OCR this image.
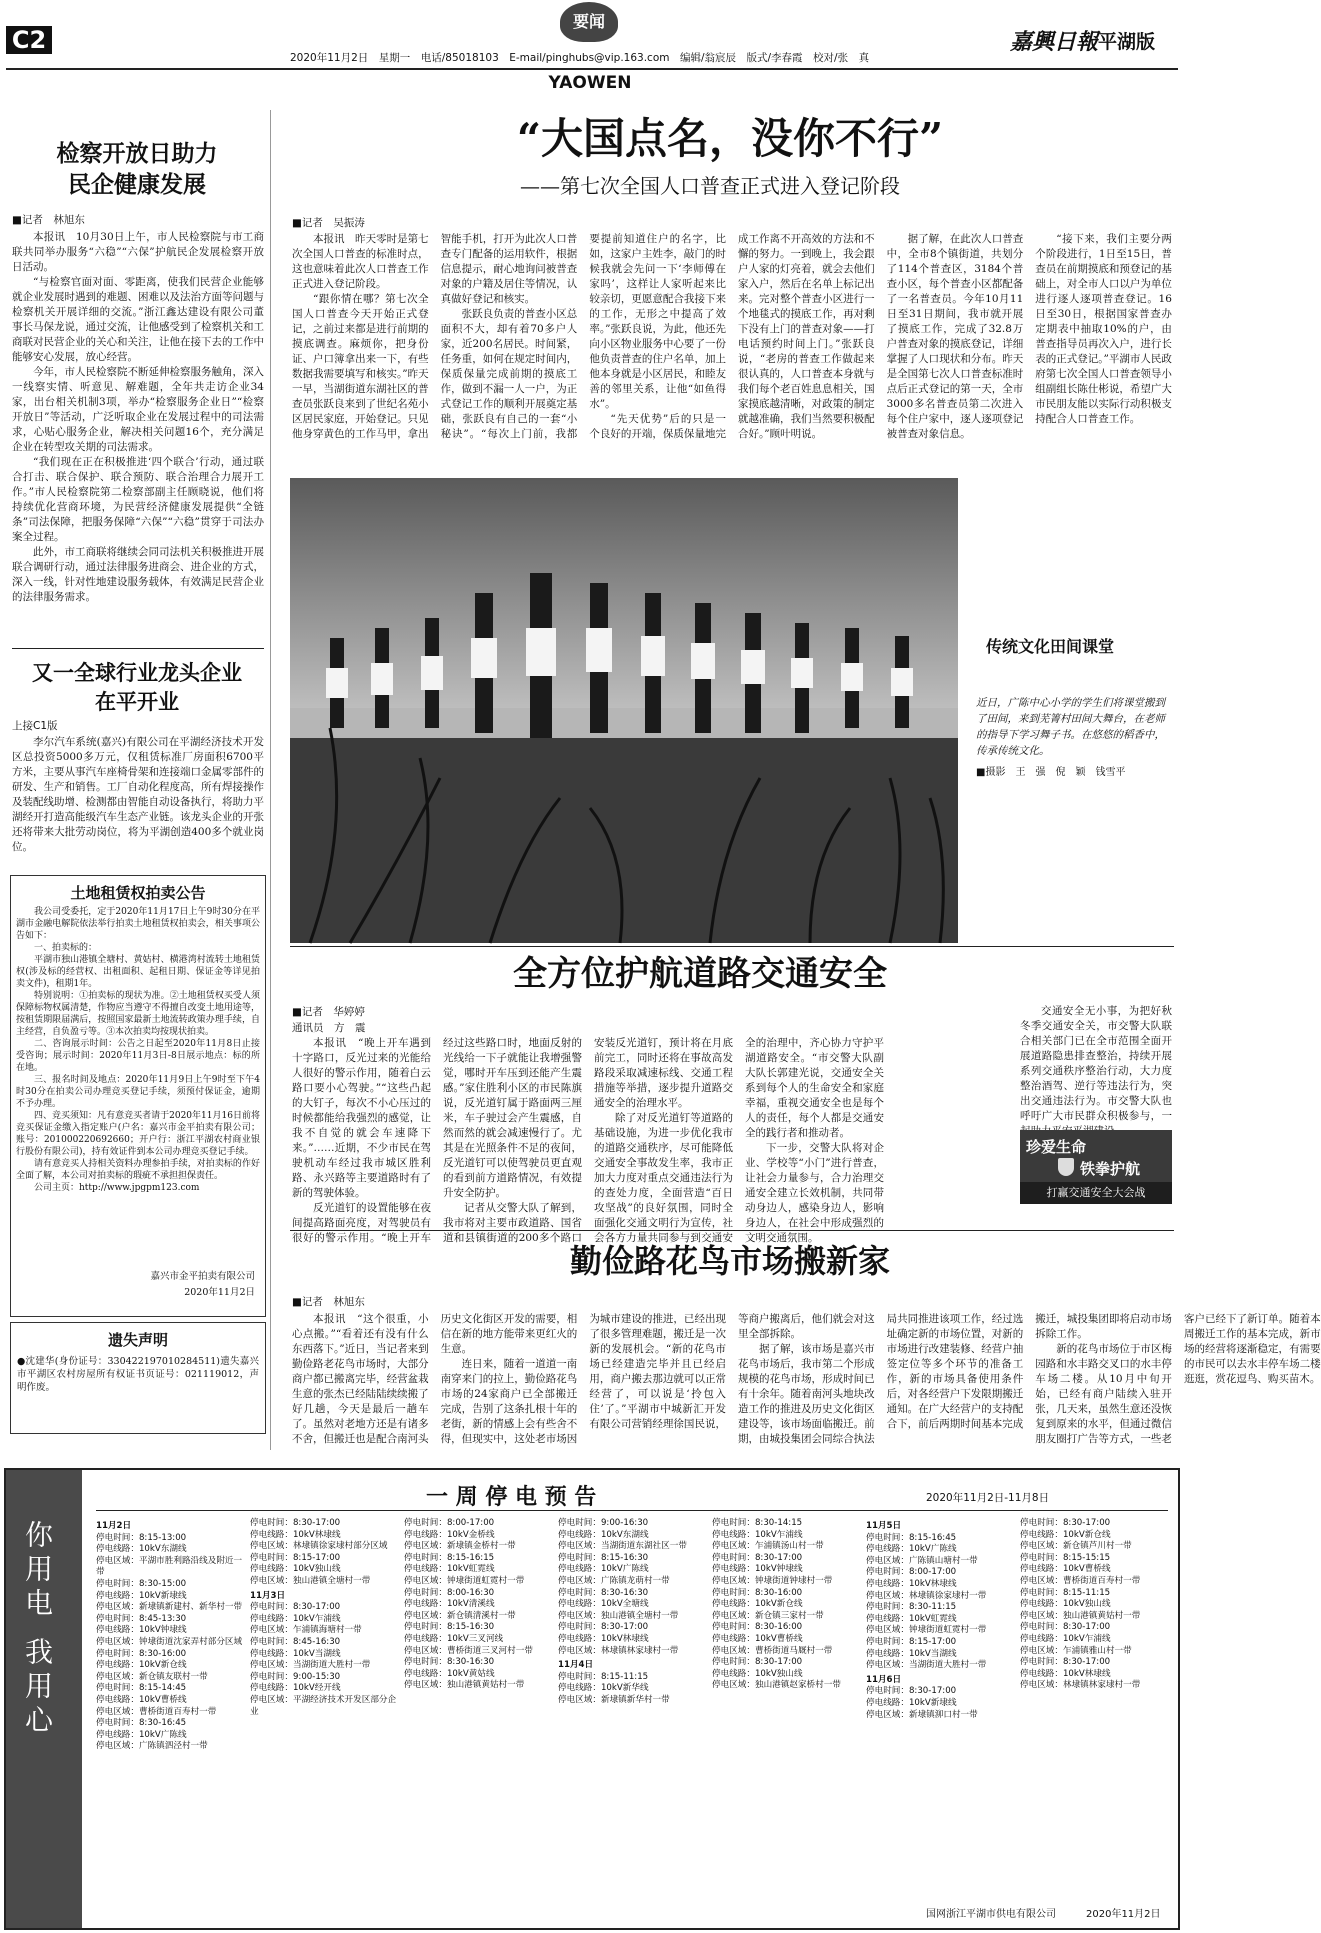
C2
要闻
2020年11月2日　星期一　电话/85018103　E-mail/pinghubs@vip.163.com　编辑/翁宸辰　版式/李春霞　校对/张　真
YAOWEN
嘉興日報 平湖版
检察开放日助力
民企健康发展
■记者　林旭东

本报讯　10月30日上午，市人民检察院与市工商联共同举办服务“六稳”“六保”护航民企发展检察开放日活动。

“与检察官面对面、零距离，使我们民营企业能够就企业发展时遇到的难题、困难以及法治方面等问题与检察机关开展详细的交流。”浙江鑫达建设有限公司董事长马保龙说，通过交流，让他感受到了检察机关和工商联对民营企业的关心和关注，让他在接下去的工作中能够安心发展，放心经营。

今年，市人民检察院不断延伸检察服务触角，深入一线察实情、听意见、解难题，全年共走访企业34家，出台相关机制3项，举办“检察服务企业日”“检察开放日”等活动，广泛听取企业在发展过程中的司法需求，心贴心服务企业，解决相关问题16个，充分满足企业在转型攻关期的司法需求。

“我们现在正在积极推进‘四个联合’行动，通过联合打击、联合保护、联合预防、联合治理合力展开工作。”市人民检察院第二检察部副主任顾晓说，他们将持续优化营商环境，为民营经济健康发展提供“全链条”司法保障，把服务保障“六保”“六稳”贯穿于司法办案全过程。

此外，市工商联将继续会同司法机关积极推进开展联合调研行动，通过法律服务进商会、进企业的方式，深入一线，针对性地建设服务载体，有效满足民营企业的法律服务需求。

又一全球行业龙头企业
在平开业
上接C1版

李尔汽车系统(嘉兴)有限公司在平湖经济技术开发区总投资5000多万元，仅租赁标准厂房面积6700平方米，主要从事汽车座椅骨架和连接端口金属零部件的研发、生产和销售。工厂自动化程度高，所有焊接操作及装配线助增、检测都由智能自动设备执行，将助力平湖经开打造高能级汽车生态产业链。该龙头企业的开张还将带来大批劳动岗位，将为平湖创造400多个就业岗位。

土地租赁权拍卖公告

我公司受委托，定于2020年11月17日上午9时30分在平湖市金融电解院依法举行拍卖土地租赁权拍卖会，相关事项公告如下：

一、拍卖标的：

平湖市独山港镇全塘村、黄姑村、横港湾村流转土地租赁权(涉及标的经营权、出租面积、起租日期、保证金等详见拍卖文件)，租期1年。

特别说明：①拍卖标的现状为准。②土地租赁权买受人须保障标物权属清楚，作物应当遵守不得擅自改变土地用途等，按租赁期限届满后，按照国家最新土地流转政策办理手续，自主经营，自负盈亏等。③本次拍卖均按现状拍卖。

二、咨询展示时间：公告之日起至2020年11月8日止接受咨询；展示时间：2020年11月3日-8日展示地点：标的所在地。

三、报名时间及地点：2020年11月9日上午9时至下午4时30分在拍卖公司办理竞买登记手续，须预付保证金，逾期不予办理。

四、竞买须知：凡有意竞买者请于2020年11月16日前将竞买保证金缴入指定账户(户名：嘉兴市金平拍卖有限公司；账号：201000220692660；开户行：浙江平湖农村商业银行股份有限公司)，持有效证件到本公司办理竞买登记手续。

请有意竞买人持相关资料办理参拍手续，对拍卖标的作好全面了解，本公司对拍卖标的瑕疵不承担担保责任。

公司主页：http://www.jpgpm123.com

嘉兴市金平拍卖有限公司
2020年11月2日
遗失声明
●沈建华(身份证号：330422197010284511)遗失嘉兴市平湖区农村房屋所有权证书页证号：021119012，声明作废。
“大国点名，没你不行”
——第七次全国人口普查正式进入登记阶段
■记者　吴振涛

本报讯　昨天零时是第七次全国人口普查的标准时点，这也意味着此次人口普查工作正式进入登记阶段。

“跟你情在哪？第七次全国人口普查今天开始正式登记，之前过来都是进行前期的摸底调查。麻烦你，把身份证、户口簿拿出来一下，有些数据我需要填写和核实。”昨天一早，当湖街道东湖社区的普查员张跃良来到了世纪名苑小区居民家庭，开始登记。只见他身穿黄色的工作马甲，拿出智能手机，打开为此次人口普查专门配备的运用软件，根据信息提示，耐心地询问被普查对象的户籍及居住等情况，认真做好登记和核实。

张跃良负责的普查小区总面积不大，却有着70多户人家，近200名居民。时间紧，任务重，如何在规定时间内，保质保量完成前期的摸底工作，做到不漏一人一户，为正式登记工作的顺利开展奠定基础，张跃良有自己的一套“小秘诀”。“每次上门前，我都要提前知道住户的名字，比如，这家户主姓李，敲门的时候我就会先问一下‘李师傅在家吗’，这样让人家听起来比较亲切，更愿意配合我接下来的工作，无形之中提高了效率。”张跃良说，为此，他还先向小区物业服务中心要了一份他负责普查的住户名单，加上他本身就是小区居民，和睦友善的邻里关系，让他“如鱼得水”。

“先天优势”后的只是一个良好的开端，保质保量地完成工作离不开高效的方法和不懈的努力。一到晚上，我会跟户人家的灯亮着，就会去他们家入户，然后在名单上标记出来。完对整个普查小区进行一个地毯式的摸底工作，再对剩下没有上门的普查对象——打电话预约时间上门。”张跃良说，“老房的普查工作做起来很认真的，人口普查本身就与我们每个老百姓息息相关，国家摸底越清晰，对政策的制定就越准确，我们当然要积极配合好。”顾叶明说。

据了解，在此次人口普查中，全市8个镇街道，共划分了114个普查区，3184个普查小区，每个普查小区都配备了一名普查员。今年10月11日至31日期间，我市就开展了摸底工作，完成了32.8万户普查对象的摸底登记，详细掌握了人口现状和分布。昨天是全国第七次人口普查标准时点后正式登记的第一天，全市3000多名普查员第二次进入每个住户家中，逐人逐项登记被普查对象信息。

“接下来，我们主要分两个阶段进行，1日至15日，普查员在前期摸底和预登记的基础上，对全市人口以户为单位进行逐人逐项普查登记。16日至30日，根据国家普查办定期表中抽取10%的户，由普查指导员再次入户，进行长表的正式登记。”平湖市人民政府第七次全国人口普查领导小组副组长陈仕彬说，希望广大市民朋友能以实际行动积极支持配合人口普查工作。

传统文化田间课堂
近日，广陈中心小学的学生们将课堂搬到了田间，来到芜箐村田间大舞台，在老师的指导下学习舞子书。在悠悠的稻香中，传承传统文化。
■摄影　王　强　倪　颖　钱雪平
全方位护航道路交通安全
■记者　华婷婷
通讯员　方　震

本报讯　“晚上开车遇到十字路口，反光过来的光能给人很好的警示作用，随着白云路口要小心驾驶。”“这些凸起的大钉子，每次不小心压过的时候都能给我强烈的感觉，让我不自觉的就会车速降下来。”……近期，不少市民在驾驶机动车经过我市城区胜利路、永兴路等主要道路时有了新的驾驶体验。

反光道钉的设置能够在夜间提高路面亮度，对驾驶员有很好的警示作用。“晚上开车经过这些路口时，地面反射的光线给一下子就能让我增强警觉，哪时开车压到还能产生震感。”家住胜利小区的市民陈旗说，反光道钉属于路面两三厘米，车子驶过会产生震感，自然而然的就会减速慢行了。尤其是在光照条件不足的夜间，反光道钉可以使驾驶员更直观的看到前方道路情况，有效提升安全防护。

记者从交警大队了解到，我市将对主要市政道路、国省道和县镇街道的200多个路口安装反光道钉，预计将在月底前完工，同时还将在事故高发路段采取减速标线、交通工程措施等举措，逐步提升道路交通安全的治理水平。

除了对反光道钉等道路的基础设施，为进一步优化我市的道路交通秩序，尽可能降低交通安全事故发生率，我市正加大力度对重点交通违法行为的查处力度，全面营造“百日攻坚战”的良好氛围，同时全面强化交通文明行为宣传，社会各方力量共同参与到交通安全的治理中，齐心协力守护平湖道路安全。“市交警大队副大队长郭建光说，交通安全关系到每个人的生命安全和家庭幸福，重视交通安全也是每个人的责任，每个人都是交通安全的践行者和推动者。

下一步，交警大队将对企业、学校等“小门”进行普查，让社会力量参与，合力治理交通安全建立长效机制，共同带动身边人，感染身边人，影响身边人，在社会中形成强烈的文明交通氛围。

交通安全无小事，为把好秋冬季交通安全关，市交警大队联合相关部门已在全市范围全面开展道路隐患排查整治，持续开展系列交通秩序整治行动，大力度整治酒驾、逆行等违法行为，突出交通违法行为。市交警大队也呼吁广大市民群众积极参与，一

珍爱生命
铁拳护航
打赢交通安全大会战
勤俭路花鸟市场搬新家
■记者　林旭东

本报讯　“这个很重，小心点搬。”“看着还有没有什么东西落下。”近日，当记者来到勤俭路老花鸟市场时，大部分商户都已搬离完毕，经营盆栽生意的张杰已经陆陆续续搬了好几趟，今天是最后一趟车了。虽然对老地方还是有诸多不舍，但搬迁也是配合南河头历史文化街区开发的需要，相信在新的地方能带来更红火的生意。

连日来，随着一道道一南南穿来门的拉上，勤俭路花鸟市场的24家商户已全部搬迁完成，告别了这条扎根十年的老街，新的情感上会有些舍不得，但现实中，这处老市场因为城市建设的推进，已经出现了很多管理难题，搬迁是一次新的发展机会。“新的花鸟市场已经建造完毕并且已经启用，商户搬去那边就可以正常经营了，可以说是‘拎包入住’了。”平湖市中城新汇开发有限公司营销经理徐国民说，等商户搬离后，他们就会对这里全部拆除。

据了解，该市场是嘉兴市花鸟市场后，我市第二个形成规模的花鸟市场，形成时间已有十余年。随着南河头地块改造工作的推进及历史文化街区建设等，该市场面临搬迁。前期，由城投集团会同综合执法局共同推进该项工作，经过选址确定新的市场位置，对新的市场进行改建装修、经营户抽签定位等多个环节的准备工作，新的市场具备使用条件后，对各经营户下发限期搬迁通知。在广大经营户的支持配合下，前后两期时间基本完成搬迁，城投集团即将启动市场拆除工作。

新的花鸟市场位于市区梅园路和水丰路交叉口的水丰停车场二楼。从10月中旬开始，已经有商户陆续入驻开张，几天来，虽然生意还没恢复到原来的水平，但通过微信朋友圈打广告等方式，一些老客户已经下了新订单。随着本周搬迁工作的基本完成，新市场的经营将逐渐稳定，有需要的市民可以去水丰停车场二楼逛逛，赏花逗鸟、购买苗木。

你用电 我用心
一 周 停 电 预 告	2020年11月2日-11月8日
11月2日
停电时间：8:15-13:00
停电线路：10kV东湖线
停电区域：平湖市胜利路沿线及附近一带
停电时间：8:30-15:00
停电线路：10kV新埭线
停电区域：新埭镇新建村、新华村一带
停电时间：8:45-13:30
停电线路：10kV钟埭线
停电区域：钟埭街道沈家弄村部分区域
停电时间：8:30-16:00
停电线路：10kV新仓线
停电区域：新仓镇友联村一带
停电时间：8:15-14:45
停电线路：10kV曹桥线
停电区域：曹桥街道百寿村一带
停电时间：8:30-16:45
停电线路：10kV广陈线
停电区域：广陈镇泗泾村一带
停电时间：8:30-17:00
停电线路：10kV林埭线
停电区域：林埭镇徐家埭村部分区域
停电时间：8:15-17:00
停电线路：10kV独山线
停电区域：独山港镇全塘村一带
11月3日
停电时间：8:30-17:00
停电线路：10kV乍浦线
停电区域：乍浦镇海塘村一带
停电时间：8:45-16:30
停电线路：10kV当湖线
停电区域：当湖街道大胜村一带
停电时间：9:00-15:30
停电线路：10kV经开线
停电区域：平湖经济技术开发区部分企业
停电时间：8:00-17:00
停电线路：10kV金桥线
停电区域：新埭镇金桥村一带
停电时间：8:15-16:15
停电线路：10kV虹霓线
停电区域：钟埭街道虹霓村一带
停电时间：8:00-16:30
停电线路：10kV清溪线
停电区域：新仓镇清溪村一带
停电时间：8:15-16:30
停电线路：10kV三叉河线
停电区域：曹桥街道三叉河村一带
停电时间：8:30-16:30
停电线路：10kV黄姑线
停电区域：独山港镇黄姑村一带
停电时间：9:00-16:30
停电线路：10kV东湖线
停电区域：当湖街道东湖社区一带
停电时间：8:15-16:30
停电线路：10kV广陈线
停电区域：广陈镇龙萌村一带
停电时间：8:30-16:30
停电线路：10kV全塘线
停电区域：独山港镇全塘村一带
停电时间：8:30-17:00
停电线路：10kV林埭线
停电区域：林埭镇林家埭村一带
11月4日
停电时间：8:15-11:15
停电线路：10kV新华线
停电区域：新埭镇新华村一带
停电时间：8:30-14:15
停电线路：10kV乍浦线
停电区域：乍浦镇汤山村一带
停电时间：8:30-17:00
停电线路：10kV钟埭线
停电区域：钟埭街道钟埭村一带
停电时间：8:30-16:00
停电线路：10kV新仓线
停电区域：新仓镇三家村一带
停电时间：8:30-16:00
停电线路：10kV曹桥线
停电区域：曹桥街道马厩村一带
停电时间：8:30-17:00
停电线路：10kV独山线
停电区域：独山港镇赵家桥村一带
11月5日
停电时间：8:15-16:45
停电线路：10kV广陈线
停电区域：广陈镇山塘村一带
停电时间：8:00-17:00
停电线路：10kV林埭线
停电区域：林埭镇徐家埭村一带
停电时间：8:30-11:15
停电线路：10kV虹霓线
停电区域：钟埭街道虹霓村一带
停电时间：8:15-17:00
停电线路：10kV当湖线
停电区域：当湖街道大胜村一带
11月6日
停电时间：8:30-17:00
停电线路：10kV新埭线
停电区域：新埭镇泖口村一带
停电时间：8:30-17:00
停电线路：10kV新仓线
停电区域：新仓镇芦川村一带
停电时间：8:15-15:15
停电线路：10kV曹桥线
停电区域：曹桥街道百寿村一带
停电时间：8:15-11:15
停电线路：10kV独山线
停电区域：独山港镇黄姑村一带
停电时间：8:30-17:00
停电线路：10kV乍浦线
停电区域：乍浦镇雅山村一带
停电时间：8:30-17:00
停电线路：10kV林埭线
停电区域：林埭镇林家埭村一带
国网浙江平湖市供电有限公司	2020年11月2日
